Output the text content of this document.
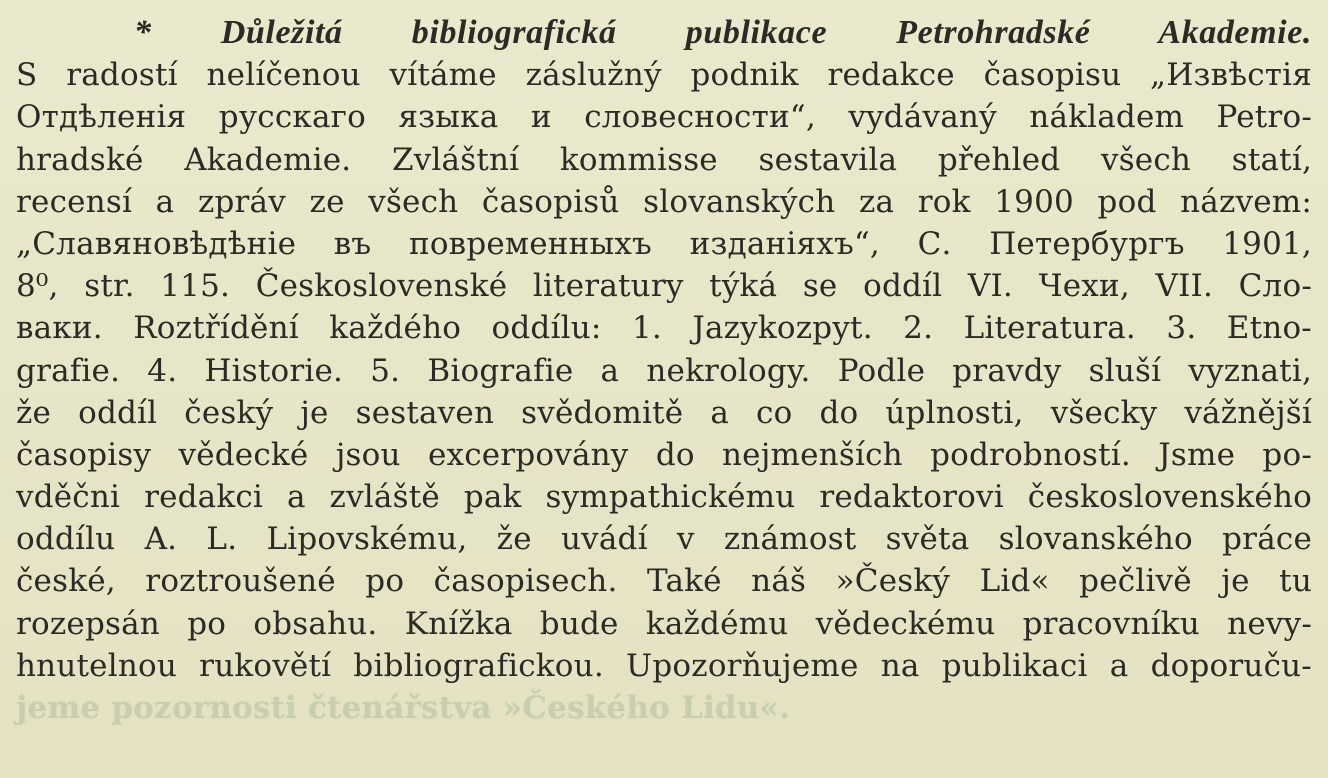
* Důležitá bibliografická publikace Petrohradské Akademie.
S radostí nelíčenou vítáme záslužný podnik redakce časopisu „Извѣстія
Отдѣленія русскаго языка и словесности“, vydávaný nákladem Petro-
hradské Akademie. Zvláštní kommisse sestavila přehled všech statí,
recensí a zpráv ze všech časopisů slovanských za rok 1900 pod názvem:
„Славяновѣдѣніе въ повременныхъ изданіяхъ“, С. Петербургъ 1901,
8⁰, str. 115. Československé literatury týká se oddíl VI. Чехи, VII. Сло-
ваки. Roztřídění každého oddílu: 1. Jazykozpyt. 2. Literatura. 3. Etno-
grafie. 4. Historie. 5. Biografie a nekrology. Podle pravdy sluší vyznati,
že oddíl český je sestaven svědomitě a co do úplnosti, všecky vážnější
časopisy vědecké jsou excerpovány do nejmenších podrobností. Jsme po-
vděčni redakci a zvláště pak sympathickému redaktorovi československého
oddílu A. L. Lipovskému, že uvádí v známost světa slovanského práce
české, roztroušené po časopisech. Také náš »Český Lid« pečlivě je tu
rozepsán po obsahu. Knížka bude každému vědeckému pracovníku nevy-
hnutelnou rukovětí bibliografickou. Upozorňujeme na publikaci a doporuču-
jeme pozornosti čtenářstva »Českého Lidu«.
